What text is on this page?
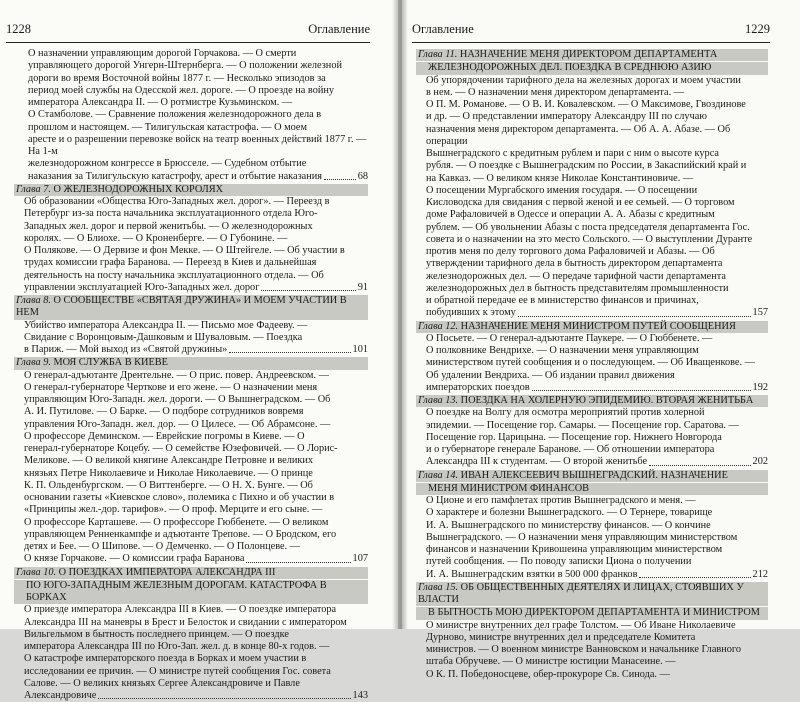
1228	Оглавление
О назначении управляющим дорогой Горчакова. — О смерти
управляющего дорогой Унгерн-Штернберга. — О положении железной
дороги во время Восточной войны 1877 г. — Несколько эпизодов за
период моей службы на Одесской жел. дороге. — О проезде на войну
императора Александра II. — О ротмистре Кузьминском. —
О Стамболове. — Сравнение положения железнодорожного дела в
прошлом и настоящем. — Тилигульская катастрофа. — О моем
аресте и о разрешении перевозке войск на театр военных действий 1877 г. — На 1-м
железнодорожном конгрессе в Брюсселе. — Судебном отбытие
наказания за Тилигульскую катастрофу, арест и отбытие наказания	68
Глава 7. О ЖЕЛЕЗНОДОРОЖНЫХ КОРОЛЯХ
Об образовании «Общества Юго-Западных жел. дорог». — Переезд в
Петербург из-за поста начальника эксплуатационного отдела Юго-
Западных жел. дорог и первой женитьбы. — О железнодорожных
королях. — О Блиохе. — О Кроненберге. — О Губонине. —
О Полякове. — О Дервизе и фон Мекке. — О Штейгеле. — Об участии в
трудах комиссии графа Баранова. — Переезд в Киев и дальнейшая
деятельность на посту начальника эксплуатационного отдела. — Об
управлении эксплуатацией Юго-Западных жел. дорог	91
Глава 8. О СООБЩЕСТВЕ «СВЯТАЯ ДРУЖИНА» И МОЕМ УЧАСТИИ В НЕМ
Убийство императора Александра II. — Письмо мое Фадееву. —
Свидание с Воронцовым-Дашковым и Шуваловым. — Поездка
в Париж. — Мой выход из «Святой дружины»	101
Глава 9. МОЯ СЛУЖБА В КИЕВЕ
О генерал-адъютанте Дрентельне. — О прис. повер. Андреевском. —
О генерал-губернаторе Черткове и его жене. — О назначении меня
управляющим Юго-Западн. жел. дороги. — О Вышнеградском. — Об
А. И. Путилове. — О Барке. — О подборе сотрудников вовремя
управления Юго-Западн. жел. дор. — О Цилесе. — Об Абрамсоне. —
О профессоре Деминском. — Еврейские погромы в Киеве. — О
генерал-губернаторе Коцебу. — О семействе Юзефовичей. — О Лорис-
Меликове. — О великой княгине Александре Петровне и великих
князьях Петре Николаевиче и Николае Николаевиче. — О принце
К. П. Ольденбургском. — О Виттенберге. — О Н. Х. Бунге. — Об
основании газеты «Киевское слово», полемика с Пихно и об участии в
«Принципы жел.-дор. тарифов». — О проф. Мерците и его сыне. —
О профессоре Карташеве. — О профессоре Гюббенете. — О великом
управляющем Ренненкампфе и адъютанте Трепове. — О Бродском, его
детях и Бее. — О Шипове. — О Демченко. — О Полонцеве. —
О князе Горчакове. — О комиссии графа Баранова	107
Глава 10. О ПОЕЗДКАХ ИМПЕРАТОРА АЛЕКСАНДРА III
ПО ЮГО-ЗАПАДНЫМ ЖЕЛЕЗНЫМ ДОРОГАМ. КАТАСТРОФА В БОРКАХ
О приезде императора Александра III в Киев. — О поездке императора
Александра III на маневры в Брест и Белосток и свидании с императором
Вильгельмом в бытность последнего принцем. — О поездке
императора Александра III по Юго-Зап. жел. д. в конце 80-х годов. —
О катастрофе императорского поезда в Борках и моем участии в
исследовании ее причин. — О министре путей сообщения Гос. совета
Салове. — О великих князьях Сергее Александровиче и Павле
Александровиче	143
Оглавление	1229
Глава 11. НАЗНАЧЕНИЕ МЕНЯ ДИРЕКТОРОМ ДЕПАРТАМЕНТА
ЖЕЛЕЗНОДОРОЖНЫХ ДЕЛ. ПОЕЗДКА В СРЕДНЮЮ АЗИЮ
Об упорядочении тарифного дела на железных дорогах и моем участии
в нем. — О назначении меня директором департамента. —
О П. М. Романове. — О В. И. Ковалевском. — О Максимове, Гвоздинове
и др. — О представлении императору Александру III по случаю
назначения меня директором департамента. — Об А. А. Абазе. — Об операции
Вышнеградского с кредитным рублем и пари с ним о высоте курса
рубля. — О поездке с Вышнеградским по России, в Закаспийский край и
на Кавказ. — О великом князе Николае Константиновиче. —
О посещении Мургабского имения государя. — О посещении
Кисловодска для свидания с первой женой и ее семьей. — О торговом
доме Рафаловичей в Одессе и операции А. А. Абазы с кредитным
рублем. — Об увольнении Абазы с поста председателя департамента Гос.
совета и о назначении на это место Сольского. — О выступлении Дуранте
против меня по делу торгового дома Рафаловичей и Абазы. — Об
утверждении тарифного дела в бытность директором департамента
железнодорожных дел. — О передаче тарифной части департамента
железнодорожных дел в бытность представителям промышленности
и обратной передаче ее в министерство финансов и причинах,
побудивших к этому	157
Глава 12. НАЗНАЧЕНИЕ МЕНЯ МИНИСТРОМ ПУТЕЙ СООБЩЕНИЯ
О Посьете. — О генерал-адъютанте Паукере. — О Гюббенете. —
О полковнике Вендрихе. — О назначении меня управляющим
министерством путей сообщения и о последующем. — Об Иващенкове. —
Об удалении Вендриха. — Об издании правил движения
императорских поездов	192
Глава 13. ПОЕЗДКА НА ХОЛЕРНУЮ ЭПИДЕМИЮ. ВТОРАЯ ЖЕНИТЬБА
О поездке на Волгу для осмотра мероприятий против холерной
эпидемии. — Посещение гор. Самары. — Посещение гор. Саратова. —
Посещение гор. Царицына. — Посещение гор. Нижнего Новгорода
и о губернаторе генерале Баранове. — Об отношении императора
Александра III к студентам. — О второй женитьбе	202
Глава 14. ИВАН АЛЕКСЕЕВИЧ ВЫШНЕГРАДСКИЙ. НАЗНАЧЕНИЕ
МЕНЯ МИНИСТРОМ ФИНАНСОВ
О Ционе и его памфлетах против Вышнеградского и меня. —
О характере и болезни Вышнеградского. — О Тернере, товарище
И. А. Вышнеградского по министерству финансов. — О кончине
Вышнеградского. — О назначении меня управляющим министерством
финансов и назначении Кривошеина управляющим министерством
путей сообщения. — По поводу записки Циона о получении
И. А. Вышнеградским взятки в 500 000 франков	212
Глава 15. ОБ ОБЩЕСТВЕННЫХ ДЕЯТЕЛЯХ И ЛИЦАХ, СТОЯВШИХ У ВЛАСТИ
В БЫТНОСТЬ МОЮ ДИРЕКТОРОМ ДЕПАРТАМЕНТА И МИНИСТРОМ
О министре внутренних дел графе Толстом. — Об Иване Николаевиче
Дурново, министре внутренних дел и председателе Комитета
министров. — О военном министре Ванновском и начальнике Главного
штаба Обручеве. — О министре юстиции Манасеине. —
О К. П. Победоносцеве, обер-прокуроре Св. Синода. —
